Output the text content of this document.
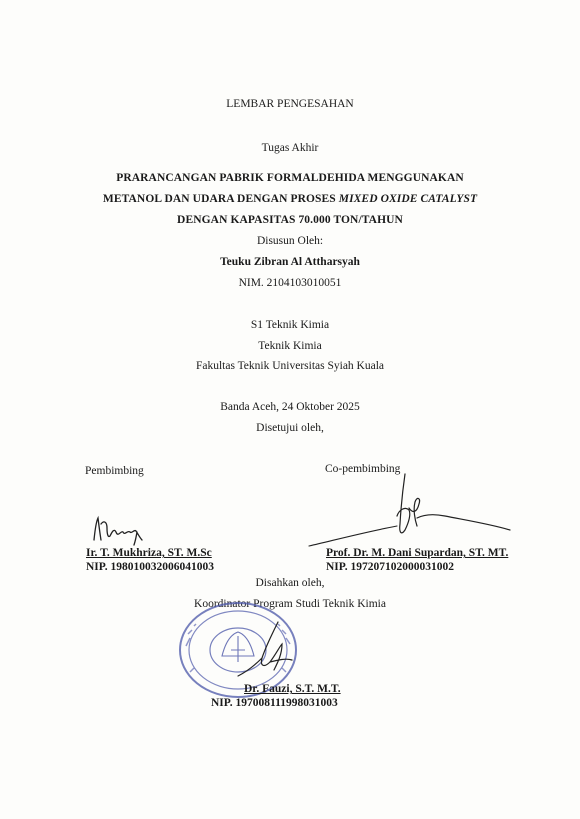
LEMBAR PENGESAHAN
Tugas Akhir
PRARANCANGAN PABRIK FORMALDEHIDA MENGGUNAKAN
METANOL DAN UDARA DENGAN PROSES MIXED OXIDE CATALYST
DENGAN KAPASITAS 70.000 TON/TAHUN
Disusun Oleh:
Teuku Zibran Al Attharsyah
NIM. 2104103010051
S1 Teknik Kimia
Teknik Kimia
Fakultas Teknik Universitas Syiah Kuala
Banda Aceh, 24 Oktober 2025
Disetujui oleh,
Pembimbing
Ir. T. Mukhriza, ST. M.Sc
NIP. 198010032006041003
Co-pembimbing
Prof. Dr. M. Dani Supardan, ST. MT.
NIP. 197207102000031002
Disahkan oleh,
Koordinator Program Studi Teknik Kimia
Dr. Fauzi, S.T. M.T.
NIP. 197008111998031003
